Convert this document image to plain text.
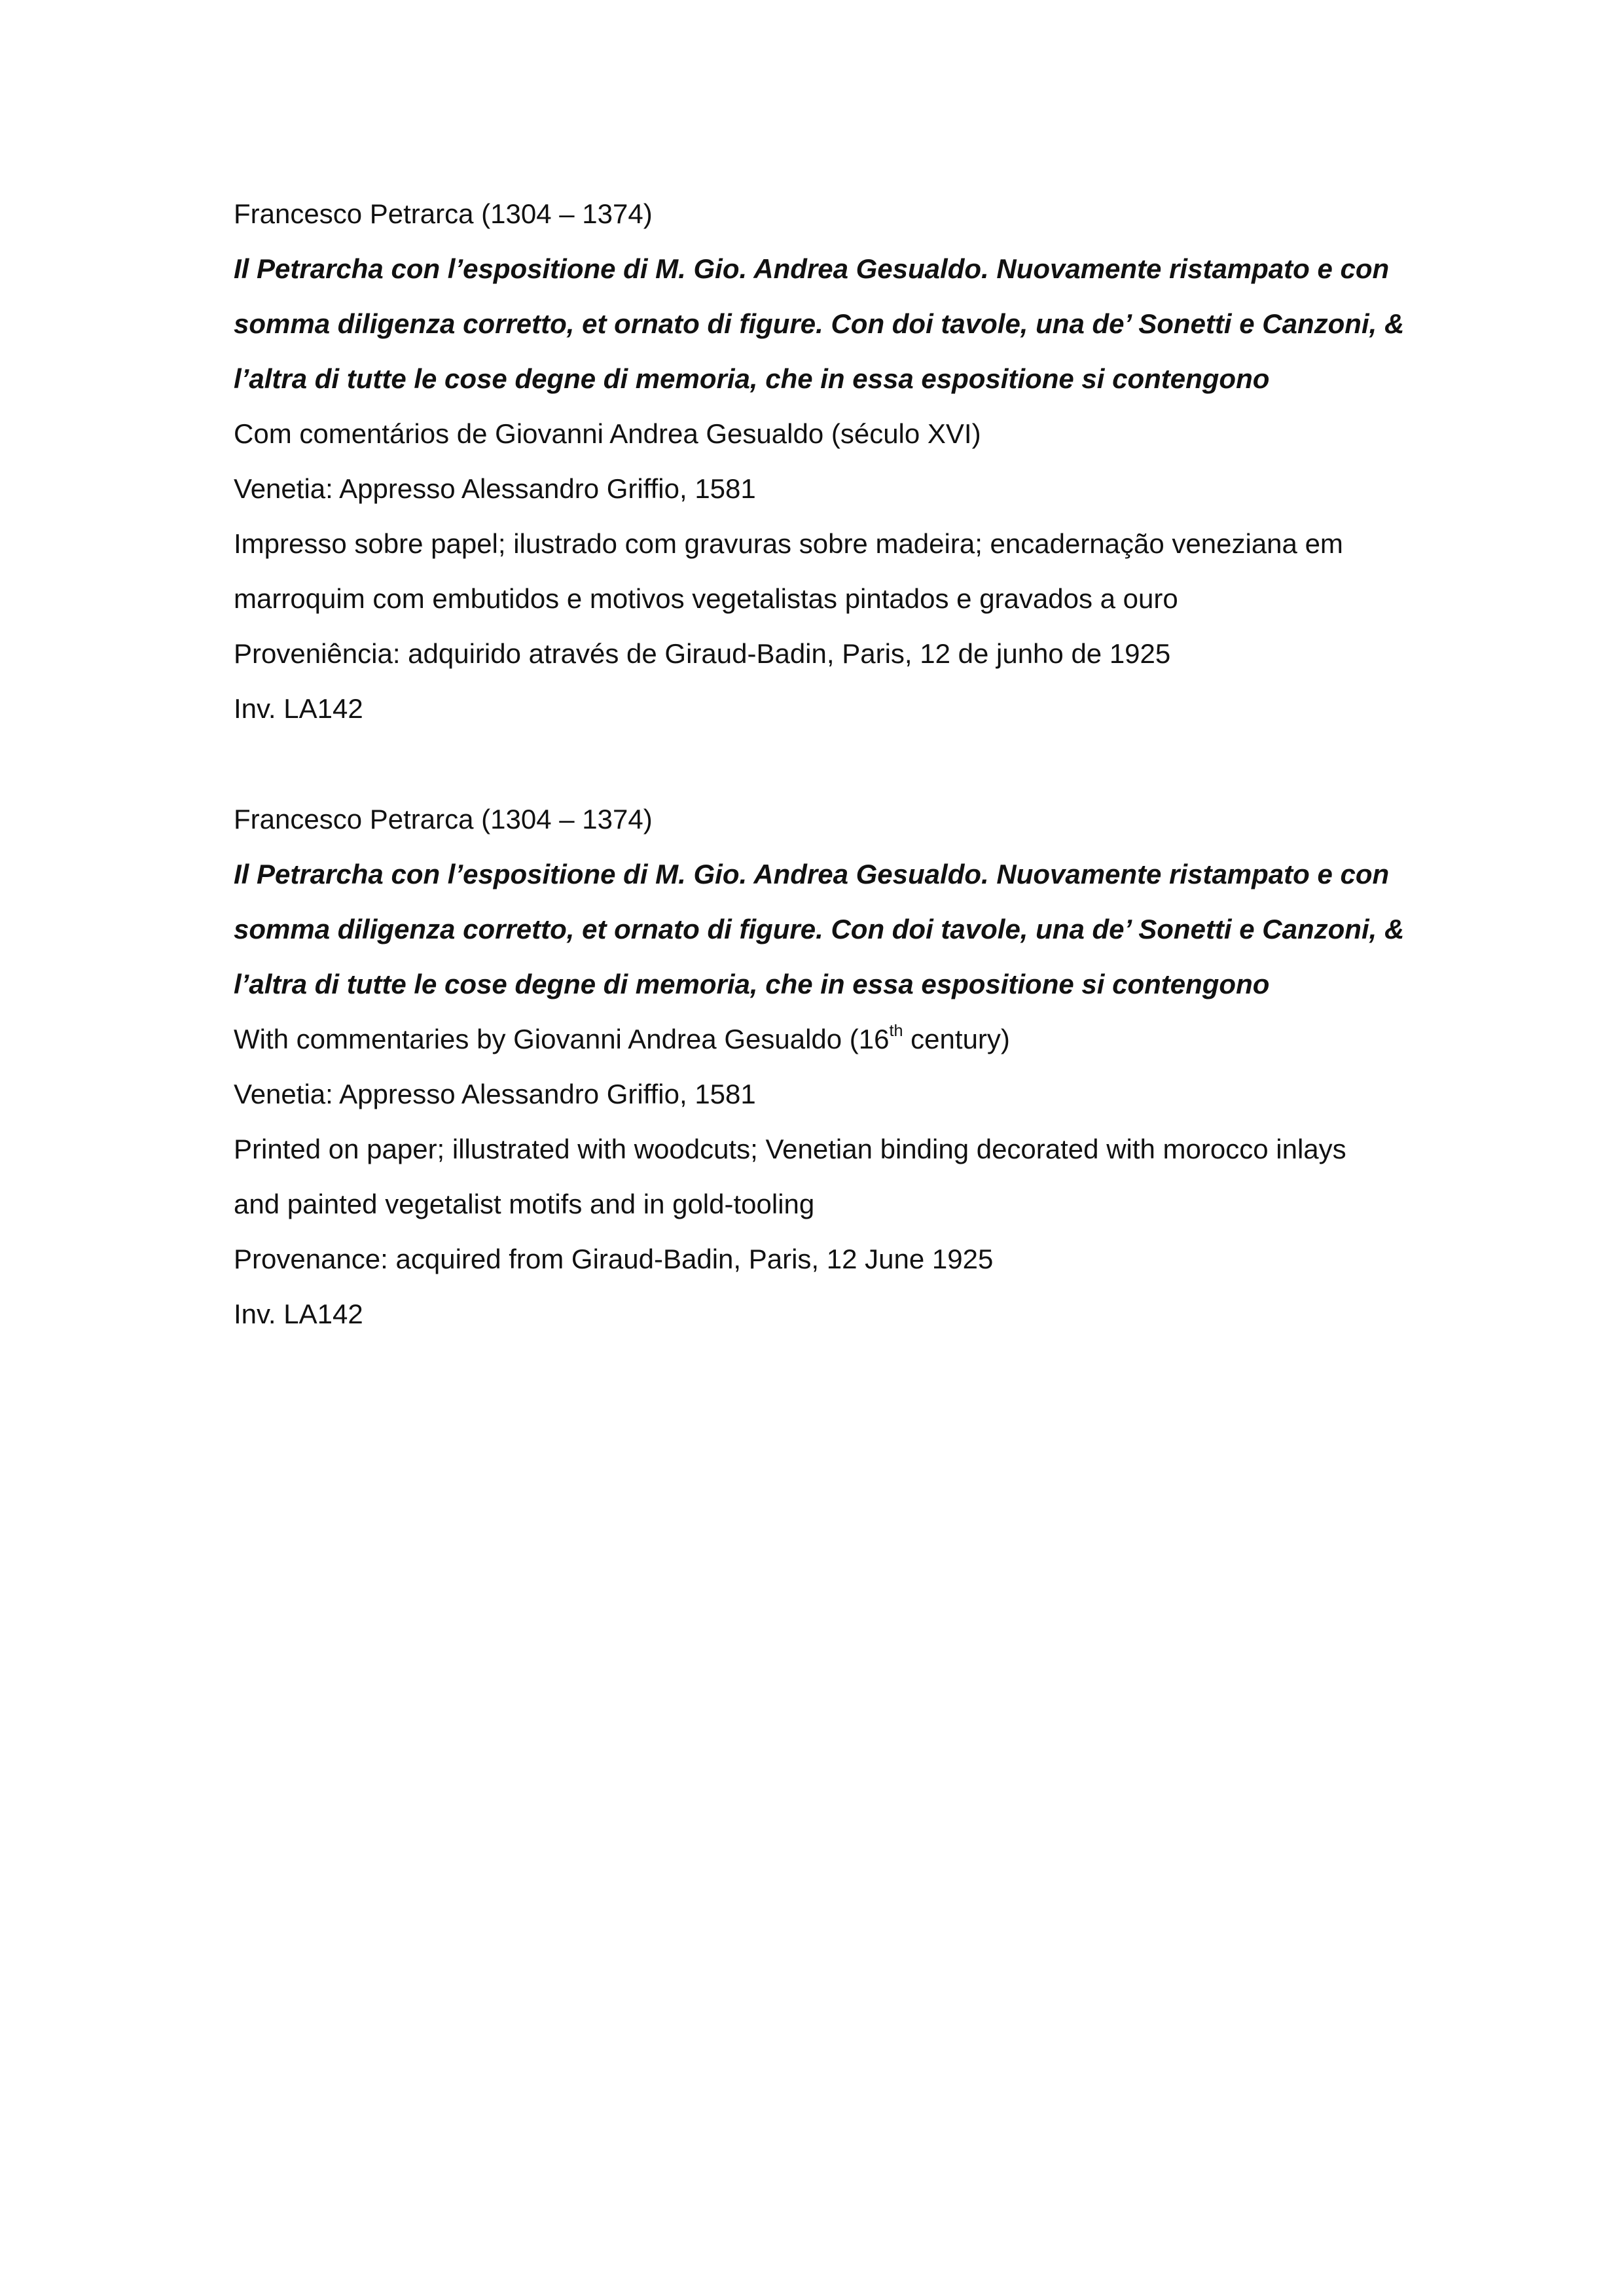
Francesco Petrarca (1304 – 1374)
Il Petrarcha con l’espositione di M. Gio. Andrea Gesualdo. Nuovamente ristampato e con
somma diligenza corretto, et ornato di figure. Con doi tavole, una de’ Sonetti e Canzoni, &
l’altra di tutte le cose degne di memoria, che in essa espositione si contengono
Com comentários de Giovanni Andrea Gesualdo (século XVI)
Venetia: Appresso Alessandro Griffio, 1581
Impresso sobre papel; ilustrado com gravuras sobre madeira; encadernação veneziana em
marroquim com embutidos e motivos vegetalistas pintados e gravados a ouro
Proveniência: adquirido através de Giraud-Badin, Paris, 12 de junho de 1925
Inv. LA142
Francesco Petrarca (1304 – 1374)
Il Petrarcha con l’espositione di M. Gio. Andrea Gesualdo. Nuovamente ristampato e con
somma diligenza corretto, et ornato di figure. Con doi tavole, una de’ Sonetti e Canzoni, &
l’altra di tutte le cose degne di memoria, che in essa espositione si contengono
With commentaries by Giovanni Andrea Gesualdo (16th century)
Venetia: Appresso Alessandro Griffio, 1581
Printed on paper; illustrated with woodcuts; Venetian binding decorated with morocco inlays
and painted vegetalist motifs and in gold-tooling
Provenance: acquired from Giraud-Badin, Paris, 12 June 1925
Inv. LA142
